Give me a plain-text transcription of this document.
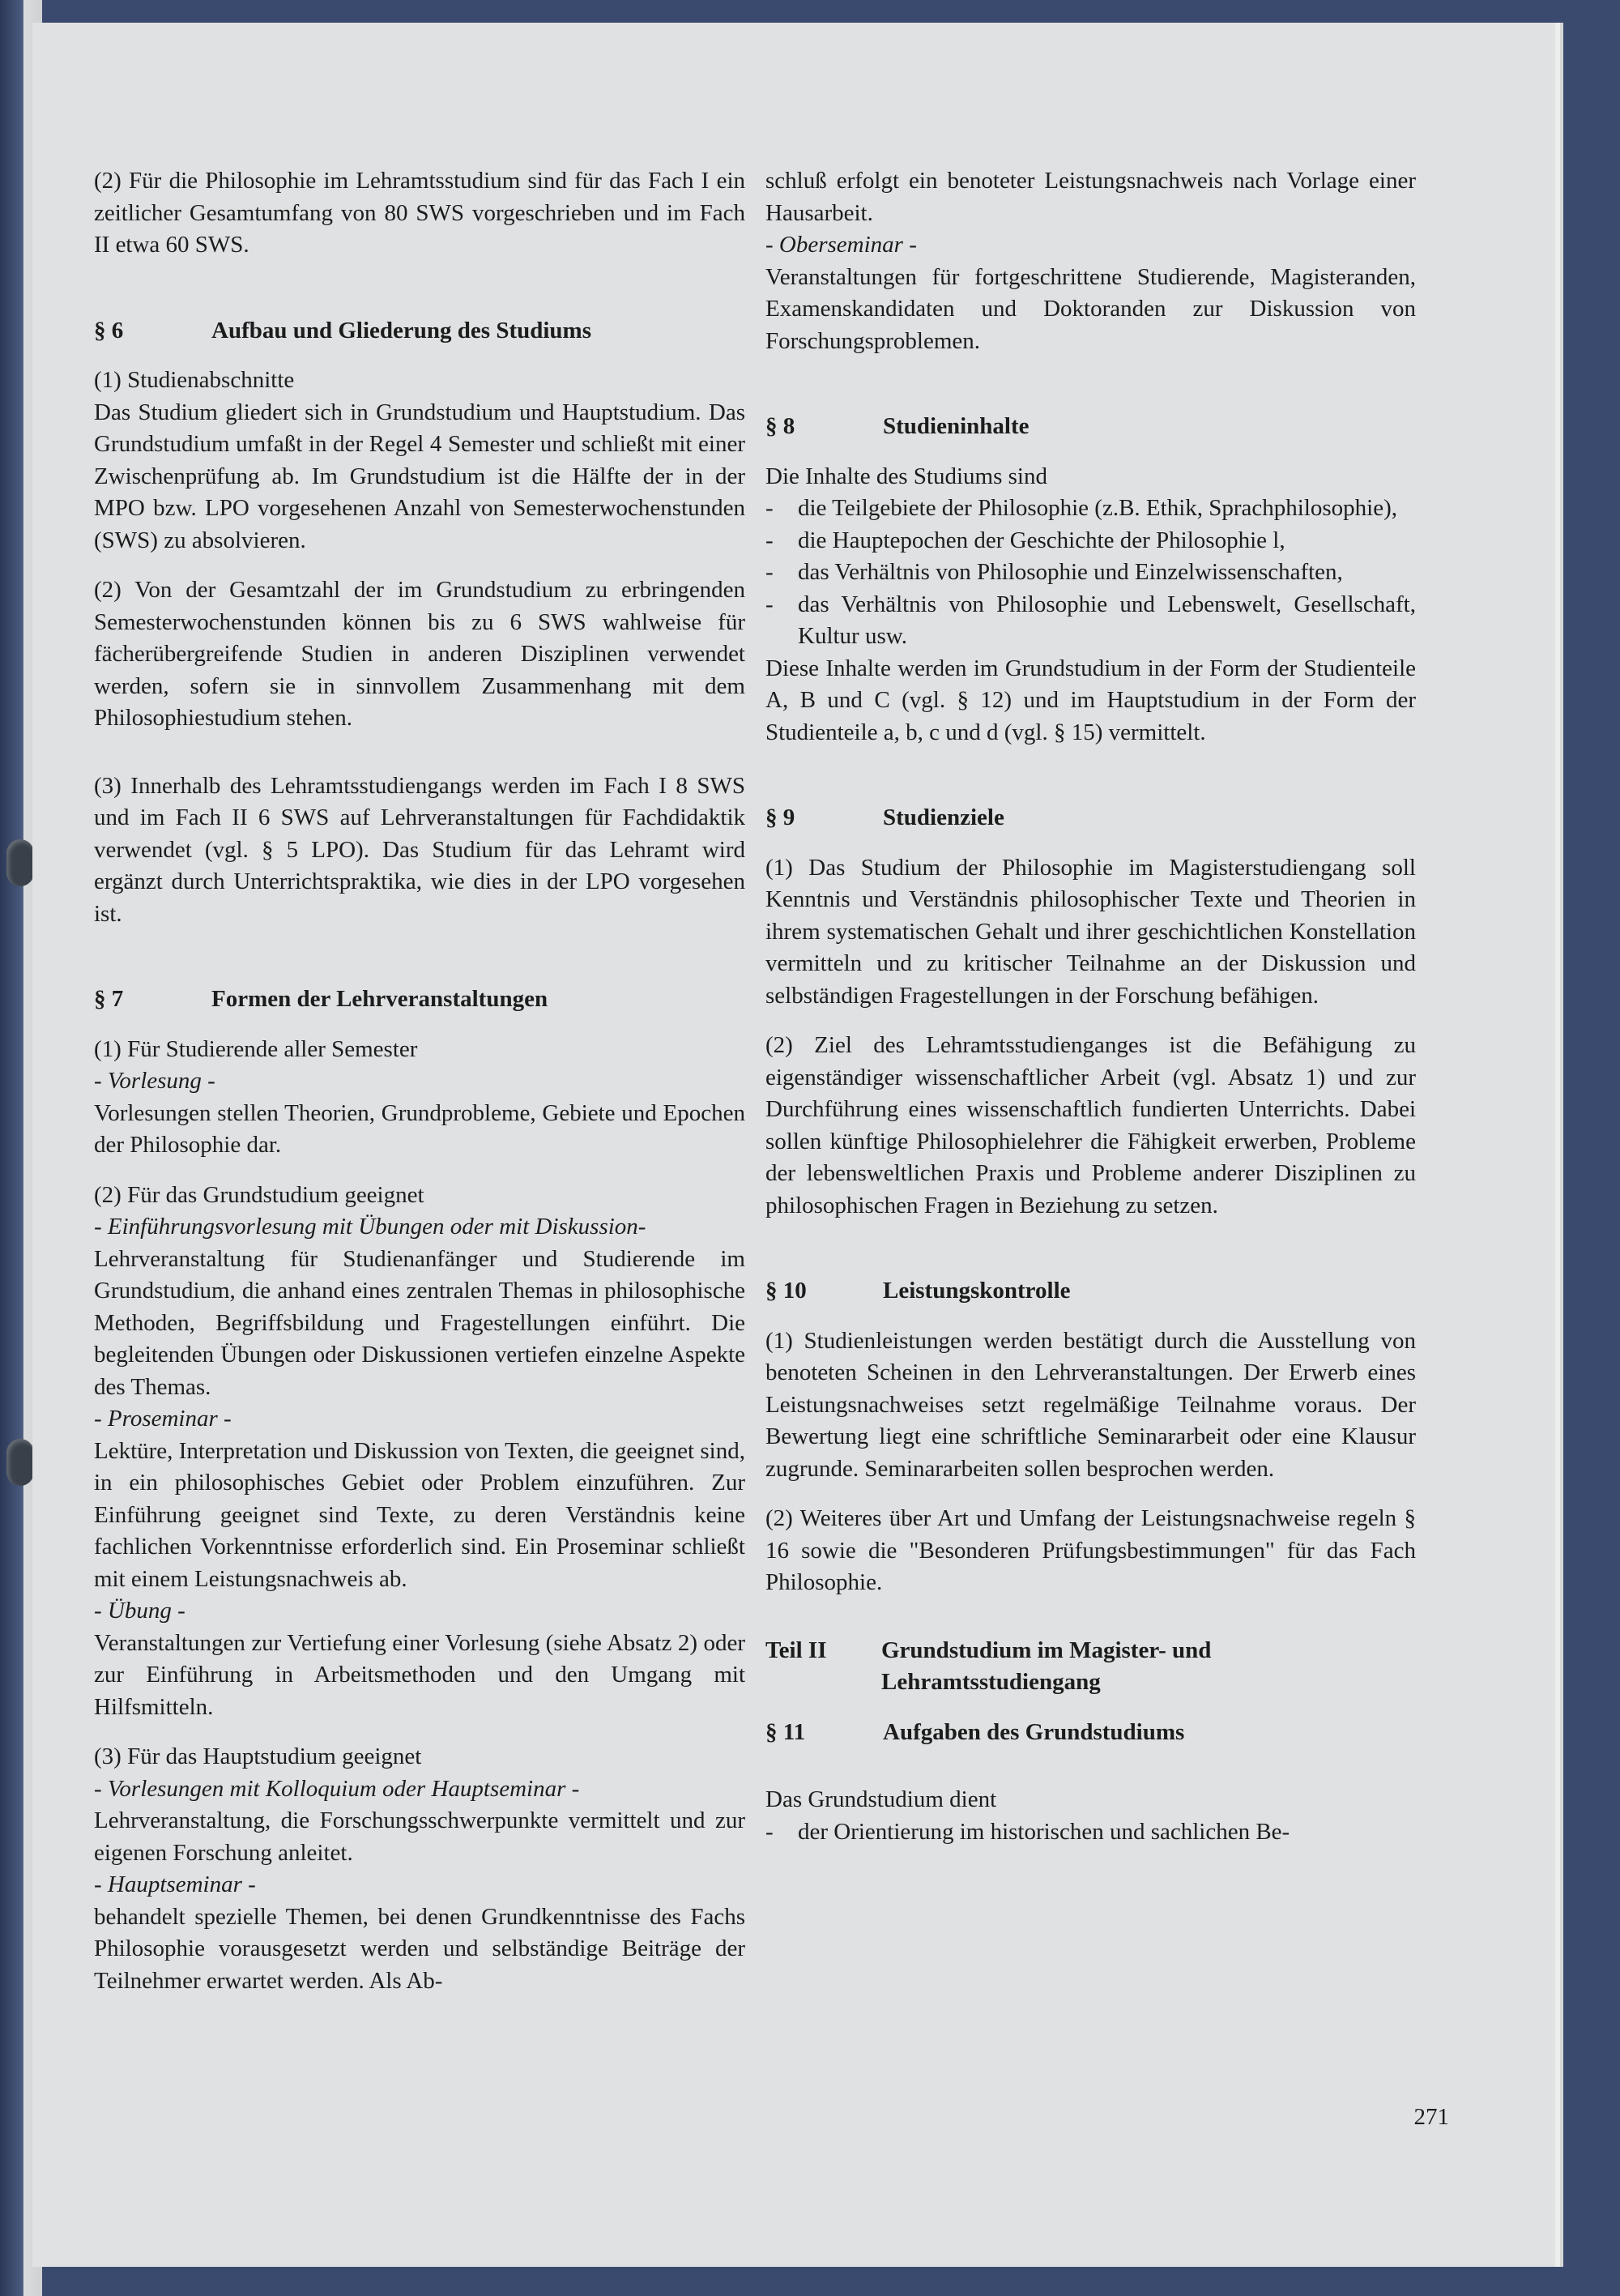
(2) Für die Philosophie im Lehramtsstudium sind für das Fach I ein zeitlicher Gesamtumfang von 80 SWS vorgeschrieben und im Fach II etwa 60 SWS.

§ 6	Aufbau und Gliederung des Studiums

(1) Studienabschnitte

Das Studium gliedert sich in Grundstudium und Hauptstudium. Das Grundstudium umfaßt in der Regel 4 Semester und schließt mit einer Zwischenprüfung ab. Im Grundstudium ist die Hälfte der in der MPO bzw. LPO vorgesehenen Anzahl von Semesterwochenstunden (SWS) zu absolvieren.

(2) Von der Gesamtzahl der im Grundstudium zu erbringenden Semesterwochenstunden können bis zu 6 SWS wahlweise für fächerübergreifende Studien in anderen Disziplinen verwendet werden, sofern sie in sinnvollem Zusammenhang mit dem Philosophiestudium stehen.

(3) Innerhalb des Lehramtsstudiengangs werden im Fach I 8 SWS und im Fach II 6 SWS auf Lehrveranstaltungen für Fachdidaktik verwendet (vgl. § 5 LPO). Das Studium für das Lehramt wird ergänzt durch Unterrichtspraktika, wie dies in der LPO vorgesehen ist.

§ 7	Formen der Lehrveranstaltungen

(1) Für Studierende aller Semester

- Vorlesung -

Vorlesungen stellen Theorien, Grundprobleme, Gebiete und Epochen der Philosophie dar.

(2) Für das Grundstudium geeignet

- Einführungsvorlesung mit Übungen oder mit Diskussion-

Lehrveranstaltung für Studienanfänger und Studierende im Grundstudium, die anhand eines zentralen Themas in philosophische Methoden, Begriffsbildung und Fragestellungen einführt. Die begleitenden Übungen oder Diskussionen vertiefen einzelne Aspekte des Themas.

- Proseminar -

Lektüre, Interpretation und Diskussion von Texten, die geeignet sind, in ein philosophisches Gebiet oder Problem einzuführen. Zur Einführung geeignet sind Texte, zu deren Verständnis keine fachlichen Vorkenntnisse erforderlich sind. Ein Proseminar schließt mit einem Leistungsnachweis ab.

- Übung -

Veranstaltungen zur Vertiefung einer Vorlesung (siehe Absatz 2) oder zur Einführung in Arbeitsmethoden und den Umgang mit Hilfsmitteln.

(3) Für das Hauptstudium geeignet

- Vorlesungen mit Kolloquium oder Hauptseminar -

Lehrveranstaltung, die Forschungsschwerpunkte vermittelt und zur eigenen Forschung anleitet.

- Hauptseminar -

behandelt spezielle Themen, bei denen Grundkenntnisse des Fachs Philosophie vorausgesetzt werden und selbständige Beiträge der Teilnehmer erwartet werden. Als Ab-

schluß erfolgt ein benoteter Leistungsnachweis nach Vorlage einer Hausarbeit.

- Oberseminar -

Veranstaltungen für fortgeschrittene Studierende, Magisteranden, Examenskandidaten und Doktoranden zur Diskussion von Forschungsproblemen.

§ 8	Studieninhalte

Die Inhalte des Studiums sind

-	die Teilgebiete der Philosophie (z.B. Ethik, Sprachphilosophie),
-	die Hauptepochen der Geschichte der Philosophie l,
-	das Verhältnis von Philosophie und Einzelwissenschaften,
-	das Verhältnis von Philosophie und Lebenswelt, Gesellschaft, Kultur usw.

Diese Inhalte werden im Grundstudium in der Form der Studienteile A, B und C (vgl. § 12) und im Hauptstudium in der Form der Studienteile a, b, c und d (vgl. § 15) vermittelt.

§ 9	Studienziele

(1) Das Studium der Philosophie im Magisterstudiengang soll Kenntnis und Verständnis philosophischer Texte und Theorien in ihrem systematischen Gehalt und ihrer geschichtlichen Konstellation vermitteln und zu kritischer Teilnahme an der Diskussion und selbständigen Fragestellungen in der Forschung befähigen.

(2) Ziel des Lehramtsstudienganges ist die Befähigung zu eigenständiger wissenschaftlicher Arbeit (vgl. Absatz 1) und zur Durchführung eines wissenschaftlich fundierten Unterrichts. Dabei sollen künftige Philosophielehrer die Fähigkeit erwerben, Probleme der lebensweltlichen Praxis und Probleme anderer Disziplinen zu philosophischen Fragen in Beziehung zu setzen.

§ 10	Leistungskontrolle

(1) Studienleistungen werden bestätigt durch die Ausstellung von benoteten Scheinen in den Lehrveranstaltungen. Der Erwerb eines Leistungsnachweises setzt regelmäßige Teilnahme voraus. Der Bewertung liegt eine schriftliche Seminararbeit oder eine Klausur zugrunde. Seminararbeiten sollen besprochen werden.

(2) Weiteres über Art und Umfang der Leistungsnachweise regeln § 16 sowie die "Besonderen Prüfungsbestimmungen" für das Fach Philosophie.

Teil II	Grundstudium im Magister- und Lehramtsstudiengang
§ 11	Aufgaben des Grundstudiums

Das Grundstudium dient

-	der Orientierung im historischen und sachlichen Be-
271
